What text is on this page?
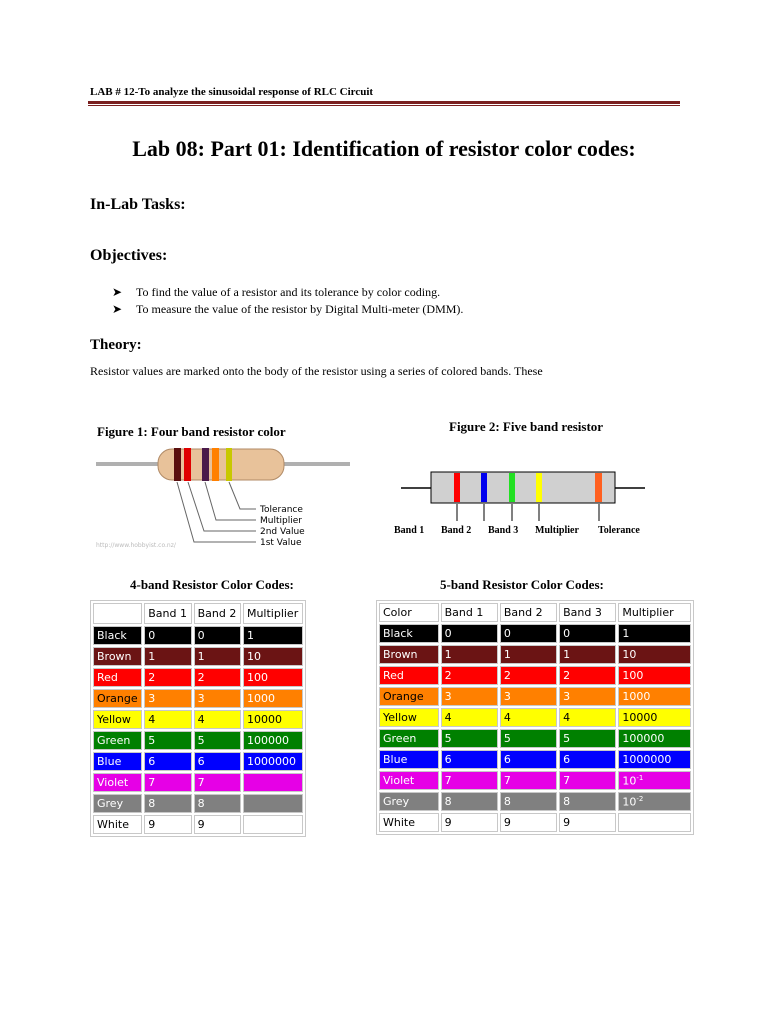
LAB # 12-To analyze the sinusoidal response of RLC Circuit
Lab 08: Part 01: Identification of resistor color codes:
In-Lab Tasks:
Objectives:
➤ To find the value of a resistor and its tolerance by color coding.
➤ To measure the value of the resistor by Digital Multi-meter (DMM).
Theory:
Resistor values are marked onto the body of the resistor using a series of colored bands. These
Figure 1: Four band resistor color
Tolerance
Multiplier
2nd Value
1st Value
http://www.hobbyist.co.nz/
Figure 2: Five band resistor
Band 1 Band 2 Band 3 Multiplier Tolerance
4-band Resistor Color Codes:	5-band Resistor Color Codes:
	Band 1	Band 2	Multiplier
Black	0	0	1
Brown	1	1	10
Red	2	2	100
Orange	3	3	1000
Yellow	4	4	10000
Green	5	5	100000
Blue	6	6	1000000
Violet	7	7	
Grey	8	8	
White	9	9	
Color	Band 1	Band 2	Band 3	Multiplier
Black	0	0	0	1
Brown	1	1	1	10
Red	2	2	2	100
Orange	3	3	3	1000
Yellow	4	4	4	10000
Green	5	5	5	100000
Blue	6	6	6	1000000
Violet	7	7	7	$10^{-1}$
Grey	8	8	8	$10^{-2}$
White	9	9	9	
